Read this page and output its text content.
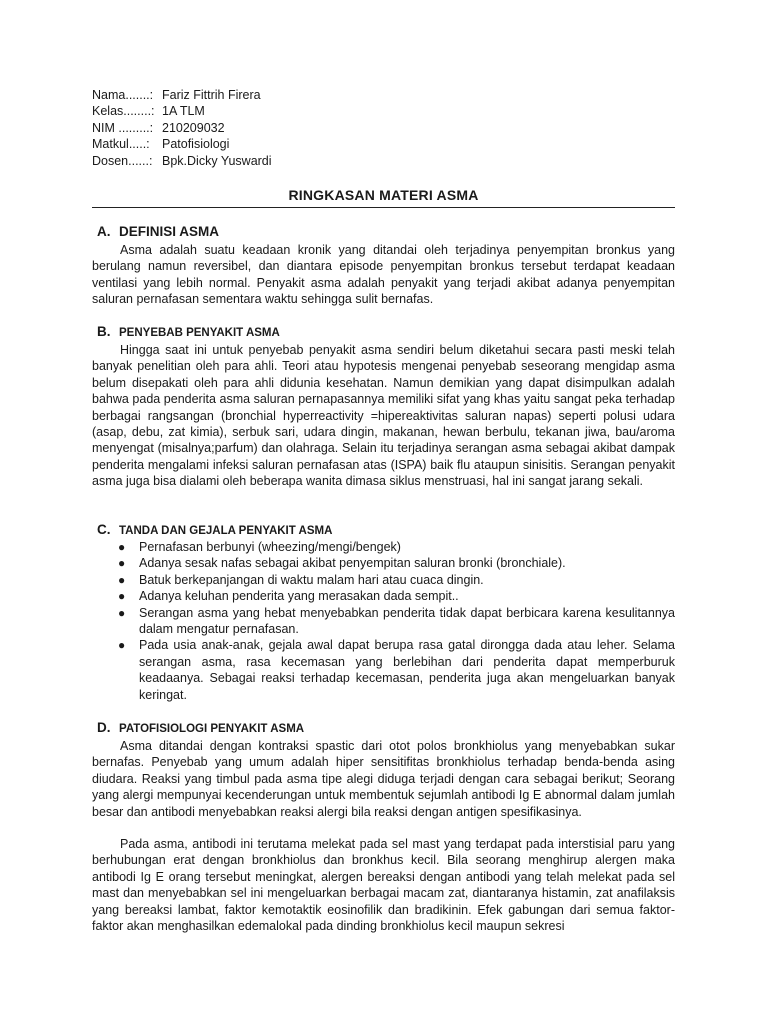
Nama.......: Fariz Fittrih Firera
Kelas........: 1A TLM
NIM .........: 210209032
Matkul.....: Patofisiologi
Dosen......: Bpk.Dicky Yuswardi
RINGKASAN MATERI ASMA
A. DEFINISI ASMA
Asma adalah suatu keadaan kronik yang ditandai oleh terjadinya penyempitan bronkus yang berulang namun reversibel, dan diantara episode penyempitan bronkus tersebut terdapat keadaan ventilasi yang lebih normal. Penyakit asma adalah penyakit yang terjadi akibat adanya penyempitan saluran pernafasan sementara waktu sehingga sulit bernafas.
B. PENYEBAB PENYAKIT ASMA
Hingga saat ini untuk penyebab penyakit asma sendiri belum diketahui secara pasti meski telah banyak penelitian oleh para ahli. Teori atau hypotesis mengenai penyebab seseorang mengidap asma belum disepakati oleh para ahli didunia kesehatan. Namun demikian yang dapat disimpulkan adalah bahwa pada penderita asma saluran pernapasannya memiliki sifat yang khas yaitu sangat peka terhadap berbagai rangsangan (bronchial hyperreactivity =hipereaktivitas saluran napas) seperti polusi udara (asap, debu, zat kimia), serbuk sari, udara dingin, makanan, hewan berbulu, tekanan jiwa, bau/aroma menyengat (misalnya;parfum) dan olahraga. Selain itu terjadinya serangan asma sebagai akibat dampak penderita mengalami infeksi saluran pernafasan atas (ISPA) baik flu ataupun sinisitis. Serangan penyakit asma juga bisa dialami oleh beberapa wanita dimasa siklus menstruasi, hal ini sangat jarang sekali.
C. TANDA DAN GEJALA PENYAKIT ASMA
● Pernafasan berbunyi (wheezing/mengi/bengek)
● Adanya sesak nafas sebagai akibat penyempitan saluran bronki (bronchiale).
● Batuk berkepanjangan di waktu malam hari atau cuaca dingin.
● Adanya keluhan penderita yang merasakan dada sempit..
● Serangan asma yang hebat menyebabkan penderita tidak dapat berbicara karena kesulitannya dalam mengatur pernafasan.
● Pada usia anak-anak, gejala awal dapat berupa rasa gatal dirongga dada atau leher. Selama serangan asma, rasa kecemasan yang berlebihan dari penderita dapat memperburuk keadaanya. Sebagai reaksi terhadap kecemasan, penderita juga akan mengeluarkan banyak keringat.
D. PATOFISIOLOGI PENYAKIT ASMA
Asma ditandai dengan kontraksi spastic dari otot polos bronkhiolus yang menyebabkan sukar bernafas. Penyebab yang umum adalah hiper sensitifitas bronkhiolus terhadap benda-benda asing diudara. Reaksi yang timbul pada asma tipe alegi diduga terjadi dengan cara sebagai berikut; Seorang yang alergi mempunyai kecenderungan untuk membentuk sejumlah antibodi Ig E abnormal dalam jumlah besar dan antibodi menyebabkan reaksi alergi bila reaksi dengan antigen spesifikasinya.
Pada asma, antibodi ini terutama melekat pada sel mast yang terdapat pada interstisial paru yang berhubungan erat dengan bronkhiolus dan bronkhus kecil. Bila seorang menghirup alergen maka antibodi Ig E orang tersebut meningkat, alergen bereaksi dengan antibodi yang telah melekat pada sel mast dan menyebabkan sel ini mengeluarkan berbagai macam zat, diantaranya histamin, zat anafilaksis yang bereaksi lambat, faktor kemotaktik eosinofilik dan bradikinin. Efek gabungan dari semua faktor-faktor akan menghasilkan edemalokal pada dinding bronkhiolus kecil maupun sekresi
